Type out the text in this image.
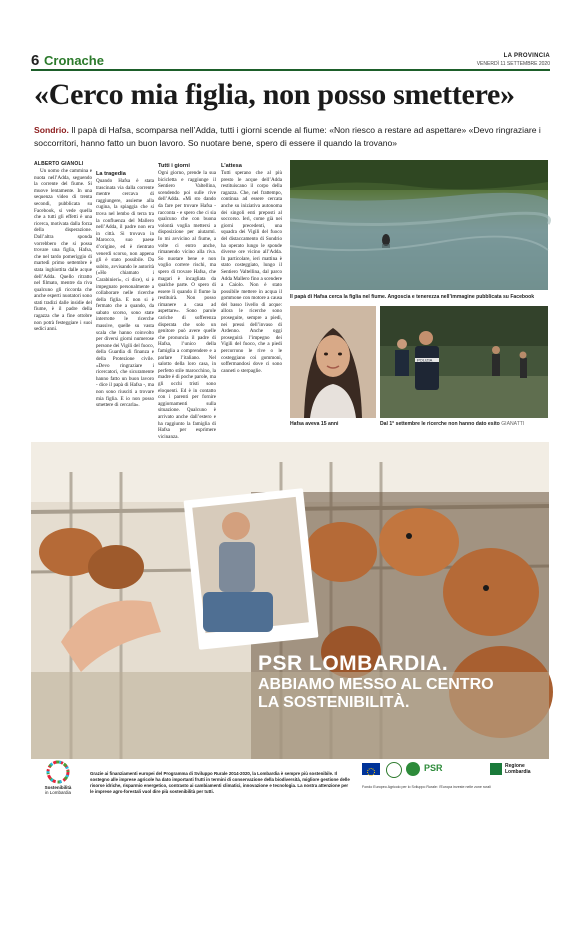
6 Cronache	LA PROVINCIA
VENERDÌ 11 SETTEMBRE 2020
«Cerco mia figlia, non posso smettere»
Sondrio. Il papà di Hafsa, scomparsa nell’Adda, tutti i giorni scende al fiume: «Non riesco a restare ad aspettare» «Devo ringraziare i soccorritori, hanno fatto un buon lavoro. So nuotare bene, spero di essere il quando la trovano»
ALBERTO GIANOLI

Un uomo che cammina e nuota nell’Adda, seguendo la corrente del fiume. Si muove lentamente. In una sequenza video di trenta secondi, pubblicata su Facebook, si vede quella che a tutti gli effetti è una ricerca, motivata dalla forza della disperazione. Dall’altra sponda vorrebbero che si possa trovare una figlia, Hafsa, che nel tardo pomeriggio di martedì primo settembre è stata inghiottita dalle acque dell’Adda. Quello ritratto nel filmato, mentre da riva qualcuno gli riccorda che anche esperti nuotatori sono stati tradizi dalle insidie del fiume, è il padre della ragazza che a fine ottobre non potrà festeggiare i suoi sedici anni.

La tragedia

Quando Hafsa è stata trascinata via dalla corrente mentre cercava di raggiungere, assieme alla cugina, la spiaggia che si trova nel lembo di terra tra la confluenza del Mallero nell’Adda, il padre non era in città. Si trovava in Marocco, suo paese d’origine, ed è rientrato venerdì scorso, non appena gli è stato possibile. Da subito, avvisando le autorità («Ho chiamato i Carabinieri», ci dice), si è impegnato personalmente a collaborare nelle ricerche della figlia. E non si è fermato che a quando, da sabato scorso, sono state interrotte le ricerche massive, quelle su vasta scala che hanno coinvolto per diversi giorni numerose persone dei Vigili del fuoco, della Guardia di finanza e della Protezione civile. «Devo ringraziare i ricercatori, che sicuramente hanno fatto un buon lavoro - dice il papà di Hafsa -, ma non sono riusciti a trovare mia figlia. E io non posso smettere di cercarla».

Tutti i giorni

Ogni giorno, prende la sua bicicletta e raggiunge il Sentiero Valtellina, scendendo poi sulle rive dell’Adda. «Mi sto dando da fare per trovare Hafsa - racconta - e spero che ci sia qualcuno che con buona volontà voglia mettersi a disposizione per aiutarmi. Io mi avvicino al fiume, a volte ci entro anche, rimanendo vicino alla riva. So nuotare bene e non voglio correre rischi, ma spero di trovare Hafsa, che magari è incagliata da qualche parte. O spero di essere lì quando il fiume la restituirà. Non posso rimanere a casa ad aspettare». Sono parole cariche di sofferenza disperata che solo un genitore può avere quelle che pronuncia il padre di Hafsa, l’unico della famiglia a comprendere e a parlare l’italiano. Nel salotto della loro casa, in perfetto stile marocchino, la madre è di poche parole, ma gli occhi tristi sono eloquenti. Ed è in contatto con i parenti per fornire aggiornamenti sulla situazione. Qualcuno è arrivato anche dall’estero e ha raggiunto la famiglia di Hafsa per esprimere vicinanza.

L’attesa

Tutti sperano che al più presto le acque dell’Adda restituiscano il corpo della ragazza. Che, nel frattempo, continua ad essere cercata anche su iniziativa autonoma dei singoli enti preposti al soccorso. Ieri, come già nei giorni precedenti, una squadra dei Vigili del fuoco del distaccamento di Sondrio ha operato lungo le sponde diverse ore vicino all’Adda. In particolare, ieri mattina è stato costeggiato, lungo il Sentiero Valtellina, dal parco Adda Mallero fino a scendere a Caiolo. Non è stato possibile mettere in acqua il gommone con motore a causa del basso livello di acque: allora le ricerche sono proseguite, sempre a piedi, nei pressi dell’invaso di Ardenno. Anche oggi proseguirà l’impegno dei Vigili del fuoco, che a piedi percorrono le rive o le costeggiano coi gommoni, soffermandosi dove ci sono canneti o sterpaglie.

Il papà di Hafsa cerca la figlia nel fiume. Angoscia e tenerezza nell’immagine pubblicata su Facebook
Hafsa aveva 15 anni
POLIZIA
Dal 1° settembre le ricerche non hanno dato esito GIANATTI
PSR
2014-2020
LOMBARDIA
SVILUPPO RURALE
METTE RADICI
PSR LOMBARDIA.
ABBIAMO MESSO AL CENTRO
LA SOSTENIBILITÀ.
Sostenibilità
in Lombardia
Grazie ai finanziamenti europei del Programma di Sviluppo Rurale 2014-2020, la Lombardia è sempre più sostenibile. Il sostegno alle imprese agricole ha dato importanti frutti in termini di conservazione della biodiversità, migliore gestione delle risorse idriche, risparmio energetico, contrasto ai cambiamenti climatici, innovazione e tecnologia. La nostra attenzione per le imprese agro-forestali vuol dire più sostenibilità per tutti.
PSR	Regione
Lombardia
Fondo Europeo Agricolo per lo Sviluppo Rurale: l’Europa investe nelle zone rurali
